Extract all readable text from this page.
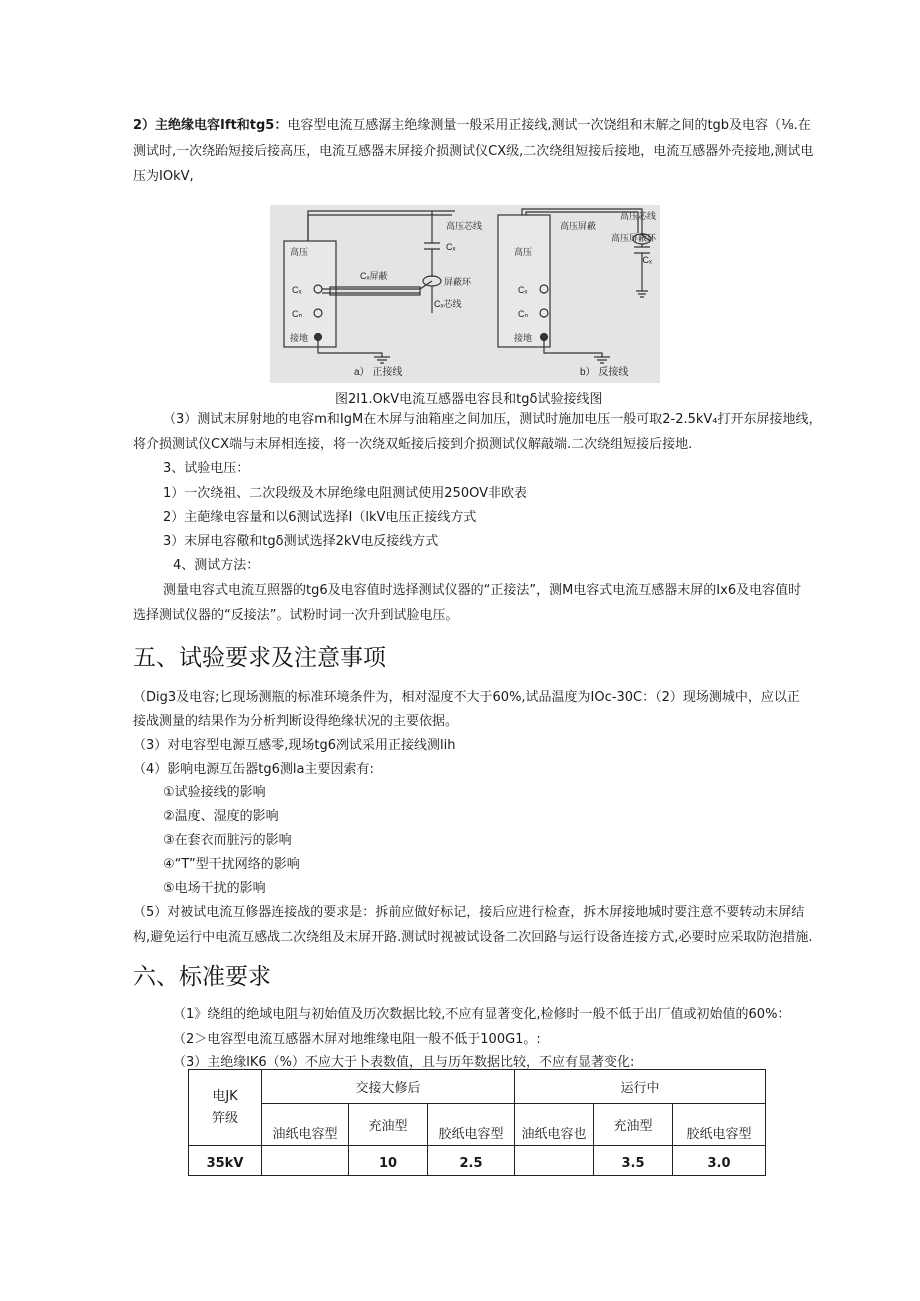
2）主绝缘电容Ift和tg5：电容型电流互感潺主绝缘测量一般采用正接线,测试一次饶组和末解之间的tgb及电容（⅛.在
测试时,一次绕跆短接后接高压，电流互感器末屏接介损测试仪CX级,二次绕组短接后接地，电流互感器外壳接地,测试电
压为IOkV,
高压
Cₓ
Cₙ
接地
高压芯线
Cₓ
Cₓ屏蔽
屏蔽环
Cₓ芯线
a） 正接线
高压
Cₓ
Cₙ
接地
高压屏蔽
高压芯线
高压屏蔽环
Cₓ
b） 反接线
图2I1.OkV电流互感器电容艮和tgδ试验接线图
（3）测试末屏射地的电容m和IgM在木屏与油箱座之间加压，测试时施加电压一般可取2-2.5kV₄打开东屏接地线，
将介损测试仪CX端与末屏相连接，将一次绕双蚯接后接到介损测试仪解敲端.二次绕组短接后接地.
3、试验电压：
1）一次绕祖、二次段级及木屏绝缘电阻测试使用250OV非欧表
2）主葩缘电容量和以6测试选择I（lkV电压正接线方式
3）末屏电容儆和tgδ测试选择2kV电反接线方式
4、测试方法：
测量电容式电流互照器的tg6及电容值时选择测试仪器的“正接法”，测M电容式电流互感器末屏的Ix6及电容值时
选择测试仪器的“反接法”。试粉时词一次升到试脸电压。
五、试验要求及注意事项
（Dig3及电容;匕现场测瓶的标准环境条件为，相对湿度不大于60%,试品温度为IOc-30C：（2）现场测城中，应以正
接战测量的结果作为分析判断设得绝缘状况的主要依据。
（3）对电容型电源互感零,现场tg6冽试采用正接线测lih
（4）影响电源互缶器tg6测la主要因索有:
①试验接线的影响
②温度、湿度的影响
③在套衣而脏污的影响
④“T”型干扰网络的影响
⑤电场干扰的影响
（5）对被试电流互修器连接战的要求是：拆前应做好标记，接后应进行检查，拆木屏接地城时要注意不要转动末屏结
构,避免运行中电流互感战二次绕组及末屏开路.测试时视被试设备二次回路与运行设备连接方式,必要时应采取防泡措施.
六、标准要求
（1》绕组的绝域电阻与初始值及历次数据比较,不应有显著变化,检修时一般不低于出厂值或初始值的60%：
（2＞电容型电流互感器木屏对地维缘电阻一般不低于100G1。:
（3）主绝缘lK6（%）不应大于卜表数值，且与历年数据比较，不应有显著变化:
电JK
笄级	交接大修后			运行中		
	油纸电容型	充油型	胶纸电容型	油纸电容也	充油型	胶纸电容型
35kV		10	2.5		3.5	3.0
